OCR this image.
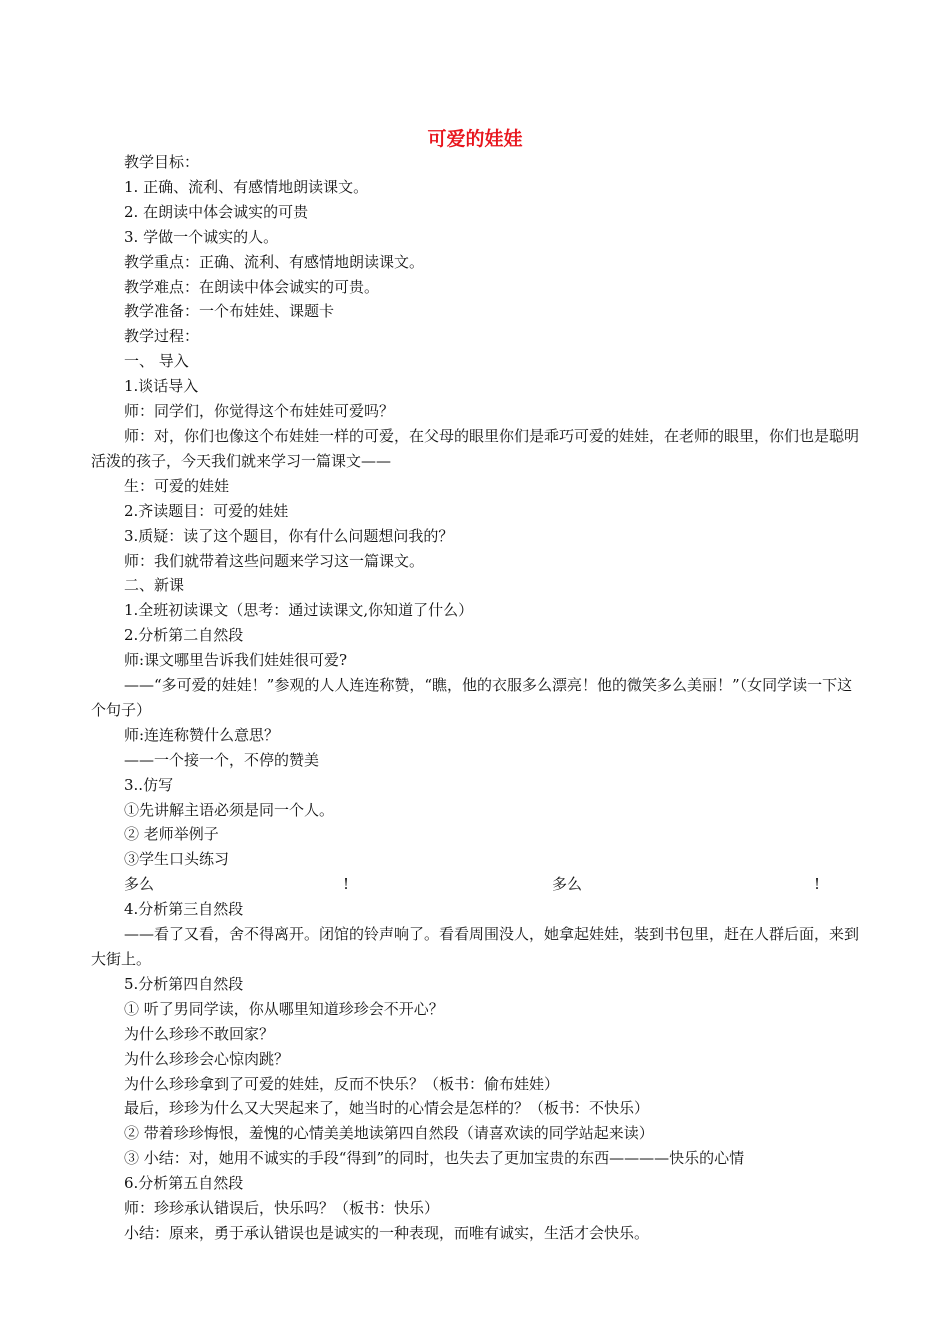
可爱的娃娃
教学目标：
1. 正确、流利、有感情地朗读课文。
2. 在朗读中体会诚实的可贵
3. 学做一个诚实的人。
教学重点：正确、流利、有感情地朗读课文。
教学难点：在朗读中体会诚实的可贵。
教学准备：一个布娃娃、课题卡
教学过程：
一、 导入
1.谈话导入
师：同学们，你觉得这个布娃娃可爱吗？
师：对，你们也像这个布娃娃一样的可爱，在父母的眼里你们是乖巧可爱的娃娃，在老师的眼里，你们也是聪明活泼的孩子，今天我们就来学习一篇课文——
生：可爱的娃娃
2.齐读题目：可爱的娃娃
3.质疑：读了这个题目，你有什么问题想问我的？
师：我们就带着这些问题来学习这一篇课文。
二、新课
1.全班初读课文（思考：通过读课文,你知道了什么）
2.分析第二自然段
师:课文哪里告诉我们娃娃很可爱?
——“多可爱的娃娃！”参观的人人连连称赞，“瞧，他的衣服多么漂亮！他的微笑多么美丽！”（女同学读一下这个句子）
师:连连称赞什么意思？
——一个接一个，不停的赞美
3..仿写
①先讲解主语必须是同一个人。
② 老师举例子
③学生口头练习
多么	!	多么	!
4.分析第三自然段
——看了又看，舍不得离开。闭馆的铃声响了。看看周围没人，她拿起娃娃，装到书包里，赶在人群后面，来到大街上。
5.分析第四自然段
① 听了男同学读，你从哪里知道珍珍会不开心？
为什么珍珍不敢回家？
为什么珍珍会心惊肉跳？
为什么珍珍拿到了可爱的娃娃，反而不快乐？（板书：偷布娃娃）
最后，珍珍为什么又大哭起来了，她当时的心情会是怎样的？（板书：不快乐）
② 带着珍珍悔恨，羞愧的心情美美地读第四自然段（请喜欢读的同学站起来读）
③ 小结：对，她用不诚实的手段“得到”的同时，也失去了更加宝贵的东西————快乐的心情
6.分析第五自然段
师：珍珍承认错误后，快乐吗？（板书：快乐）
小结：原来，勇于承认错误也是诚实的一种表现，而唯有诚实，生活才会快乐。
